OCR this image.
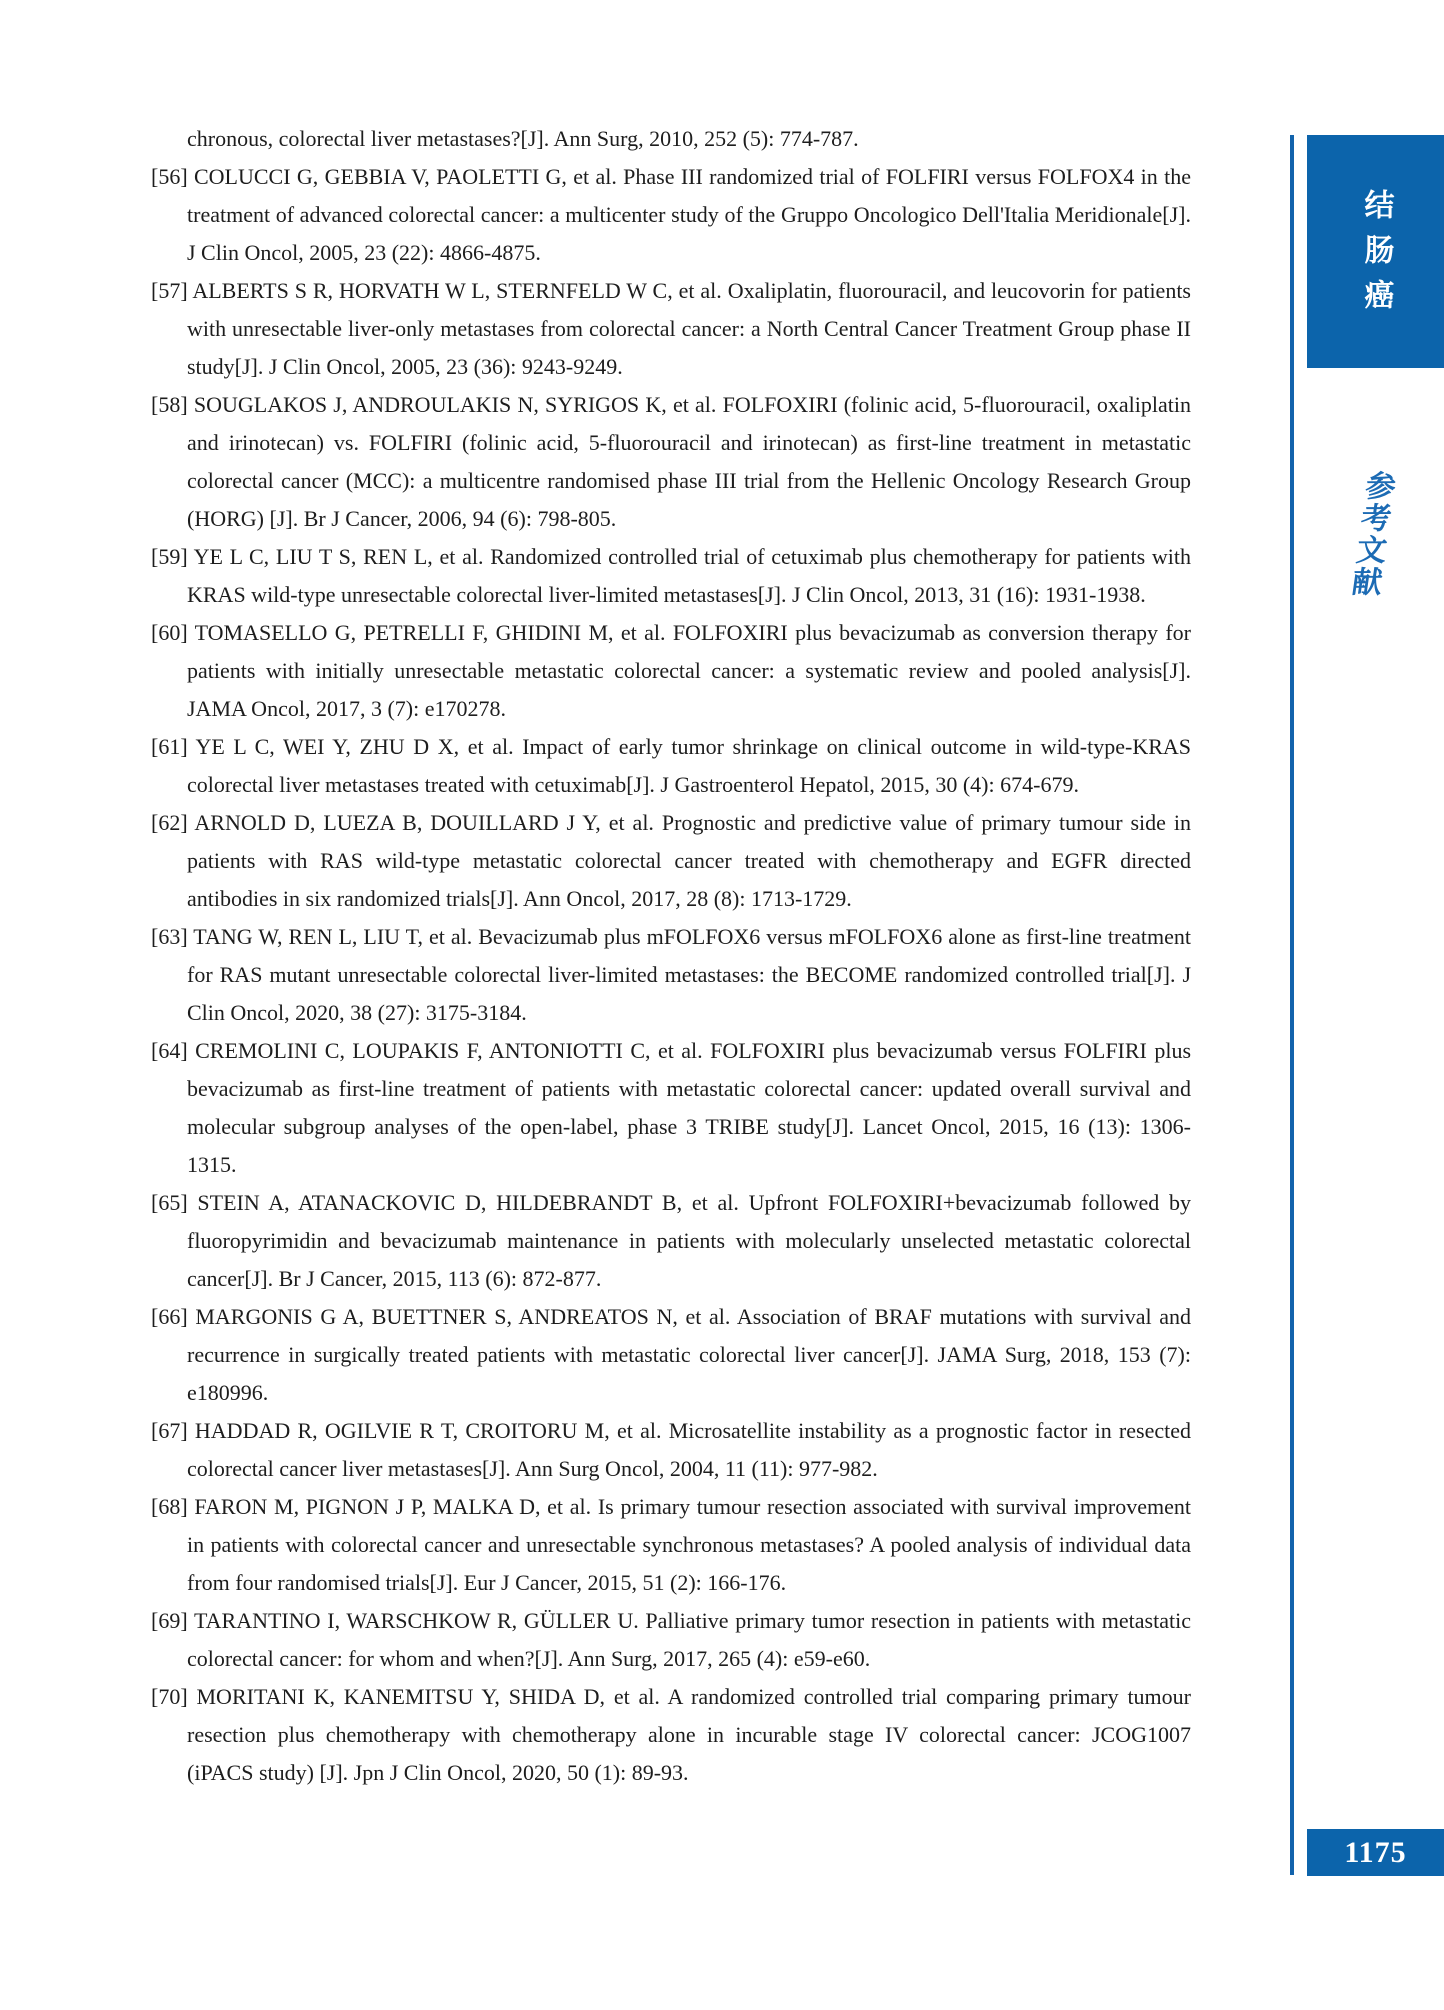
chronous, colorectal liver metastases?[J]. Ann Surg, 2010, 252 (5): 774-787.

[56] COLUCCI G, GEBBIA V, PAOLETTI G, et al. Phase III randomized trial of FOLFIRI versus FOLFOX4 in the treatment of advanced colorectal cancer: a multicenter study of the Gruppo Oncologico Dell'Italia Meridionale[J]. J Clin Oncol, 2005, 23 (22): 4866-4875.

[57] ALBERTS S R, HORVATH W L, STERNFELD W C, et al. Oxaliplatin, fluorouracil, and leucovorin for patients with unresectable liver-only metastases from colorectal cancer: a North Central Cancer Treatment Group phase II study[J]. J Clin Oncol, 2005, 23 (36): 9243-9249.

[58] SOUGLAKOS J, ANDROULAKIS N, SYRIGOS K, et al. FOLFOXIRI (folinic acid, 5-fluorouracil, oxaliplatin and irinotecan) vs. FOLFIRI (folinic acid, 5-fluorouracil and irinotecan) as first-line treatment in metastatic colorectal cancer (MCC): a multicentre randomised phase III trial from the Hellenic Oncology Research Group (HORG) [J]. Br J Cancer, 2006, 94 (6): 798-805.

[59] YE L C, LIU T S, REN L, et al. Randomized controlled trial of cetuximab plus chemotherapy for patients with KRAS wild-type unresectable colorectal liver-limited metastases[J]. J Clin Oncol, 2013, 31 (16): 1931-1938.

[60] TOMASELLO G, PETRELLI F, GHIDINI M, et al. FOLFOXIRI plus bevacizumab as conversion therapy for patients with initially unresectable metastatic colorectal cancer: a systematic review and pooled analysis[J]. JAMA Oncol, 2017, 3 (7): e170278.

[61] YE L C, WEI Y, ZHU D X, et al. Impact of early tumor shrinkage on clinical outcome in wild-type-KRAS colorectal liver metastases treated with cetuximab[J]. J Gastroenterol Hepatol, 2015, 30 (4): 674-679.

[62] ARNOLD D, LUEZA B, DOUILLARD J Y, et al. Prognostic and predictive value of primary tumour side in patients with RAS wild-type metastatic colorectal cancer treated with chemotherapy and EGFR directed antibodies in six randomized trials[J]. Ann Oncol, 2017, 28 (8): 1713-1729.

[63] TANG W, REN L, LIU T, et al. Bevacizumab plus mFOLFOX6 versus mFOLFOX6 alone as first-line treatment for RAS mutant unresectable colorectal liver-limited metastases: the BECOME randomized controlled trial[J]. J Clin Oncol, 2020, 38 (27): 3175-3184.

[64] CREMOLINI C, LOUPAKIS F, ANTONIOTTI C, et al. FOLFOXIRI plus bevacizumab versus FOLFIRI plus bevacizumab as first-line treatment of patients with metastatic colorectal cancer: updated overall survival and molecular subgroup analyses of the open-label, phase 3 TRIBE study[J]. Lancet Oncol, 2015, 16 (13): 1306-1315.

[65] STEIN A, ATANACKOVIC D, HILDEBRANDT B, et al. Upfront FOLFOXIRI+bevacizumab followed by fluoropyrimidin and bevacizumab maintenance in patients with molecularly unselected metastatic colorectal cancer[J]. Br J Cancer, 2015, 113 (6): 872-877.

[66] MARGONIS G A, BUETTNER S, ANDREATOS N, et al. Association of BRAF mutations with survival and recurrence in surgically treated patients with metastatic colorectal liver cancer[J]. JAMA Surg, 2018, 153 (7): e180996.

[67] HADDAD R, OGILVIE R T, CROITORU M, et al. Microsatellite instability as a prognostic factor in resected colorectal cancer liver metastases[J]. Ann Surg Oncol, 2004, 11 (11): 977-982.

[68] FARON M, PIGNON J P, MALKA D, et al. Is primary tumour resection associated with survival improvement in patients with colorectal cancer and unresectable synchronous metastases? A pooled analysis of individual data from four randomised trials[J]. Eur J Cancer, 2015, 51 (2): 166-176.

[69] TARANTINO I, WARSCHKOW R, GÜLLER U. Palliative primary tumor resection in patients with metastatic colorectal cancer: for whom and when?[J]. Ann Surg, 2017, 265 (4): e59-e60.

[70] MORITANI K, KANEMITSU Y, SHIDA D, et al. A randomized controlled trial comparing primary tumour resection plus chemotherapy with chemotherapy alone in incurable stage IV colorectal cancer: JCOG1007 (iPACS study) [J]. Jpn J Clin Oncol, 2020, 50 (1): 89-93.

结肠癌
参考文献
1175
